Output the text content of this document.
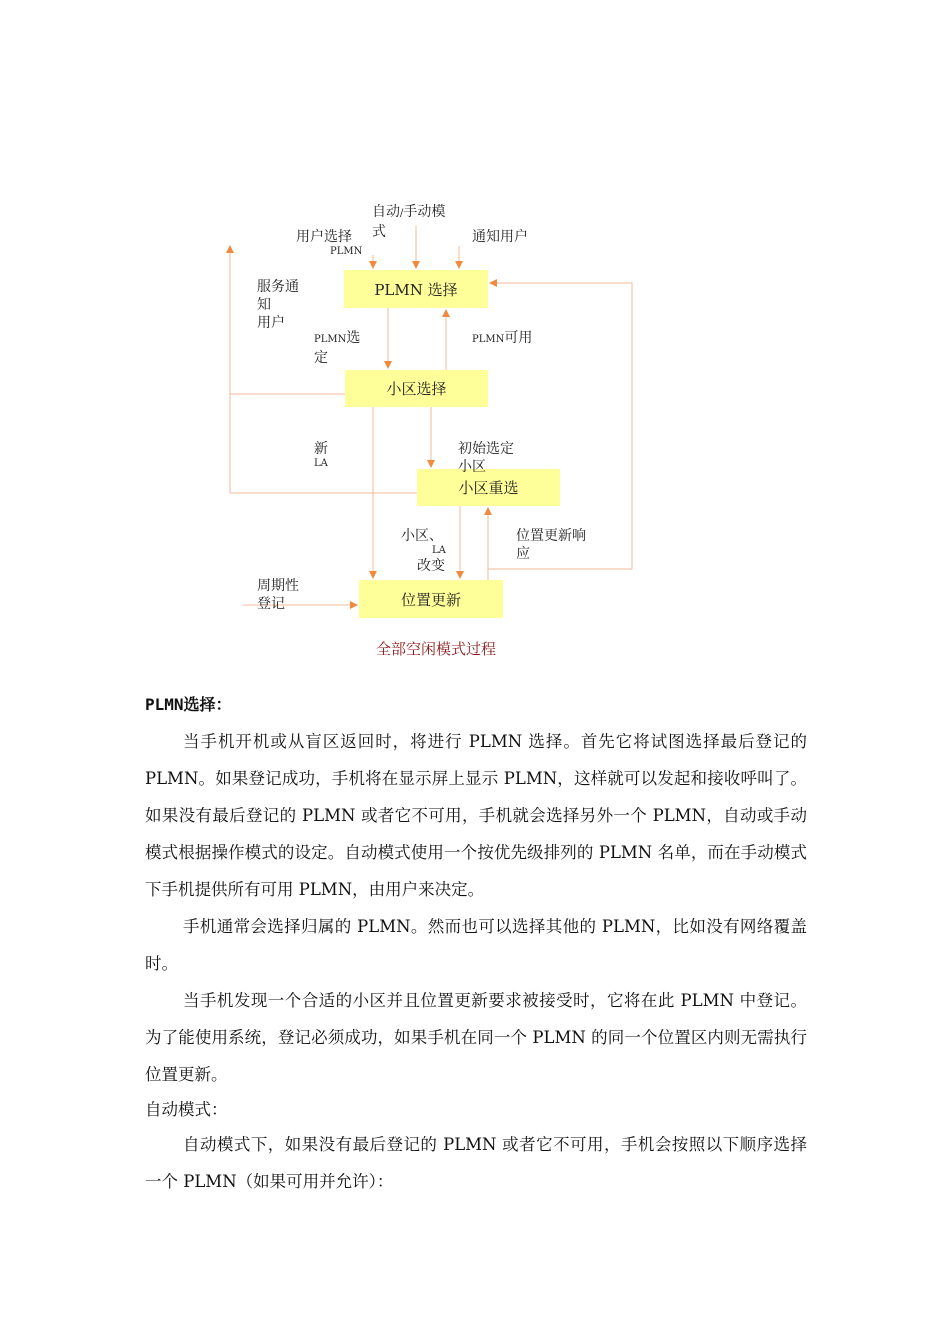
PLMN 选择
小区选择
小区重选
位置更新
自动/手动模
式
用户选择
PLMN
通知用户
服务通
知
用户
PLMN选
定
PLMN可用
新
LA
初始选定
小区
小区、
LA
改变
位置更新响
应
周期性
登记
全部空闲模式过程
PLMN选择：

当手机开机或从盲区返回时，将进行 PLMN 选择。首先它将试图选择最后登记的 PLMN。如果登记成功，手机将在显示屏上显示 PLMN，这样就可以发起和接收呼叫了。如果没有最后登记的 PLMN 或者它不可用，手机就会选择另外一个 PLMN，自动或手动模式根据操作模式的设定。自动模式使用一个按优先级排列的 PLMN 名单，而在手动模式下手机提供所有可用 PLMN，由用户来决定。

手机通常会选择归属的 PLMN。然而也可以选择其他的 PLMN，比如没有网络覆盖时。

当手机发现一个合适的小区并且位置更新要求被接受时，它将在此 PLMN 中登记。为了能使用系统，登记必须成功，如果手机在同一个 PLMN 的同一个位置区内则无需执行位置更新。

自动模式：

自动模式下，如果没有最后登记的 PLMN 或者它不可用，手机会按照以下顺序选择一个 PLMN（如果可用并允许）：
